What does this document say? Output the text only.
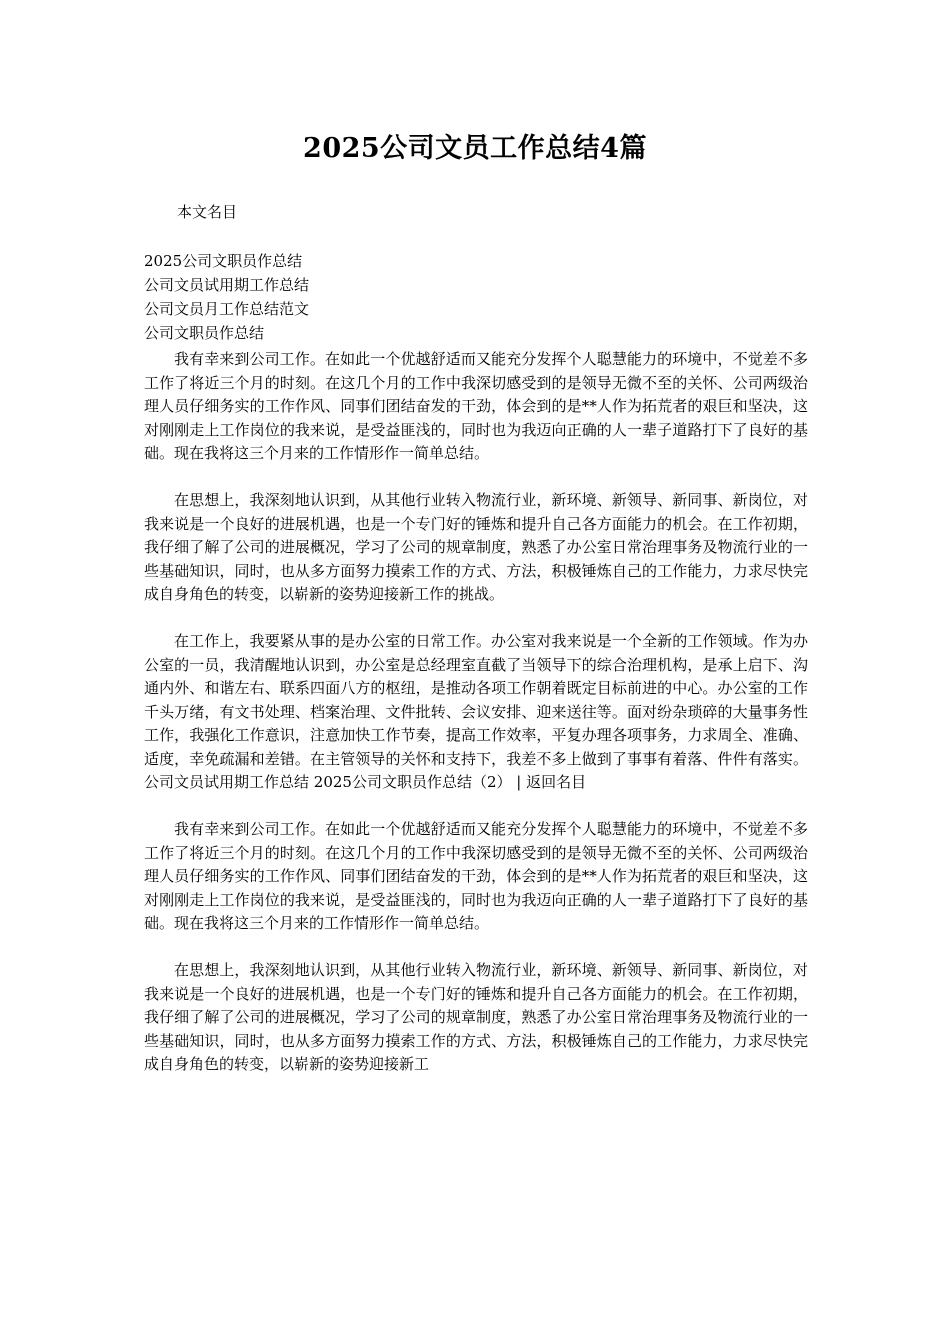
2025公司文员工作总结4篇
本文名目
2025公司文职员作总结
公司文员试用期工作总结
公司文员月工作总结范文
公司文职员作总结

我有幸来到公司工作。在如此一个优越舒适而又能充分发挥个人聪慧能力的环境中，不觉差不多工作了将近三个月的时刻。在这几个月的工作中我深切感受到的是领导无微不至的关怀、公司两级治理人员仔细务实的工作作风、同事们团结奋发的干劲，体会到的是**人作为拓荒者的艰巨和坚决，这对刚刚走上工作岗位的我来说，是受益匪浅的，同时也为我迈向正确的人一辈子道路打下了良好的基础。现在我将这三个月来的工作情形作一简单总结。

在思想上，我深刻地认识到，从其他行业转入物流行业，新环境、新领导、新同事、新岗位，对我来说是一个良好的进展机遇，也是一个专门好的锤炼和提升自己各方面能力的机会。在工作初期，我仔细了解了公司的进展概况，学习了公司的规章制度，熟悉了办公室日常治理事务及物流行业的一些基础知识，同时，也从多方面努力摸索工作的方式、方法，积极锤炼自己的工作能力，力求尽快完成自身角色的转变，以崭新的姿势迎接新工作的挑战。

在工作上，我要紧从事的是办公室的日常工作。办公室对我来说是一个全新的工作领域。作为办公室的一员，我清醒地认识到，办公室是总经理室直截了当领导下的综合治理机构，是承上启下、沟通内外、和谐左右、联系四面八方的枢纽，是推动各项工作朝着既定目标前进的中心。办公室的工作千头万绪，有文书处理、档案治理、文件批转、会议安排、迎来送往等。面对纷杂琐碎的大量事务性工作，我强化工作意识，注意加快工作节奏，提高工作效率，平复办理各项事务，力求周全、准确、适度，幸免疏漏和差错。在主管领导的关怀和支持下，我差不多上做到了事事有着落、件件有落实。公司文员试用期工作总结 2025公司文职员作总结（2） | 返回名目

我有幸来到公司工作。在如此一个优越舒适而又能充分发挥个人聪慧能力的环境中，不觉差不多工作了将近三个月的时刻。在这几个月的工作中我深切感受到的是领导无微不至的关怀、公司两级治理人员仔细务实的工作作风、同事们团结奋发的干劲，体会到的是**人作为拓荒者的艰巨和坚决，这对刚刚走上工作岗位的我来说，是受益匪浅的，同时也为我迈向正确的人一辈子道路打下了良好的基础。现在我将这三个月来的工作情形作一简单总结。

在思想上，我深刻地认识到，从其他行业转入物流行业，新环境、新领导、新同事、新岗位，对我来说是一个良好的进展机遇，也是一个专门好的锤炼和提升自己各方面能力的机会。在工作初期，我仔细了解了公司的进展概况，学习了公司的规章制度，熟悉了办公室日常治理事务及物流行业的一些基础知识，同时，也从多方面努力摸索工作的方式、方法，积极锤炼自己的工作能力，力求尽快完成自身角色的转变，以崭新的姿势迎接新工
